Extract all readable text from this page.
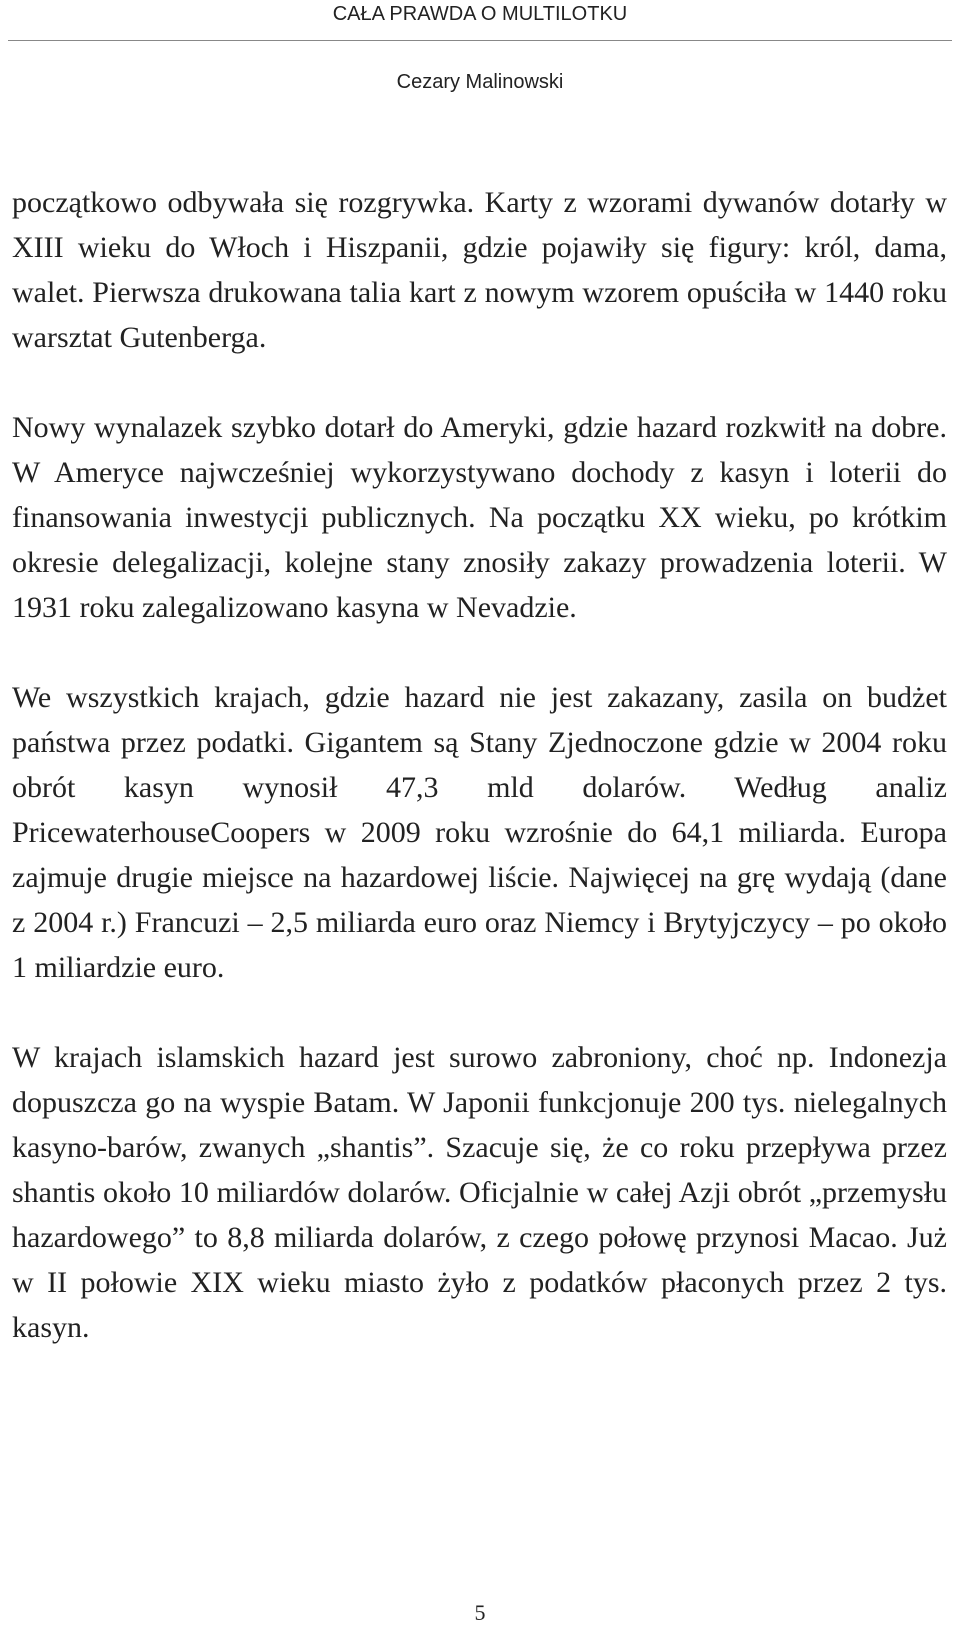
CAŁA PRAWDA O MULTILOTKU
Cezary Malinowski

początkowo odbywała się rozgrywka. Karty z wzorami dywanów dotarły w XIII wieku do Włoch i Hiszpanii, gdzie pojawiły się figury: król, dama, walet. Pierwsza drukowana talia kart z nowym wzorem opuściła w 1440 roku warsztat Gutenberga.

Nowy wynalazek szybko dotarł do Ameryki, gdzie hazard rozkwitł na dobre. W Ameryce najwcześniej wykorzystywano dochody z kasyn i loterii do finansowania inwestycji publicznych. Na początku XX wieku, po krótkim okresie delegalizacji, kolejne stany znosiły zakazy prowadzenia loterii. W 1931 roku zalegalizowano kasyna w Nevadzie.

We wszystkich krajach, gdzie hazard nie jest zakazany, zasila on budżet państwa przez podatki. Gigantem są Stany Zjednoczone gdzie w 2004 roku obrót kasyn wynosił 47,3 mld dolarów. Według analiz PricewaterhouseCoopers w 2009 roku wzrośnie do 64,1 miliarda. Europa zajmuje drugie miejsce na hazardowej liście. Najwięcej na grę wydają (dane z 2004 r.) Francuzi – 2,5 miliarda euro oraz Niemcy i Brytyjczycy – po około 1 miliardzie euro.

W krajach islamskich hazard jest surowo zabroniony, choć np. Indonezja dopuszcza go na wyspie Batam. W Japonii funkcjonuje 200 tys. nielegalnych kasyno-barów, zwanych „shantis”. Szacuje się, że co roku przepływa przez shantis około 10 miliardów dolarów. Oficjalnie w całej Azji obrót „przemysłu hazardowego” to 8,8 miliarda dolarów, z czego połowę przynosi Macao. Już w II połowie XIX wieku miasto żyło z podatków płaconych przez 2 tys. kasyn.

5
